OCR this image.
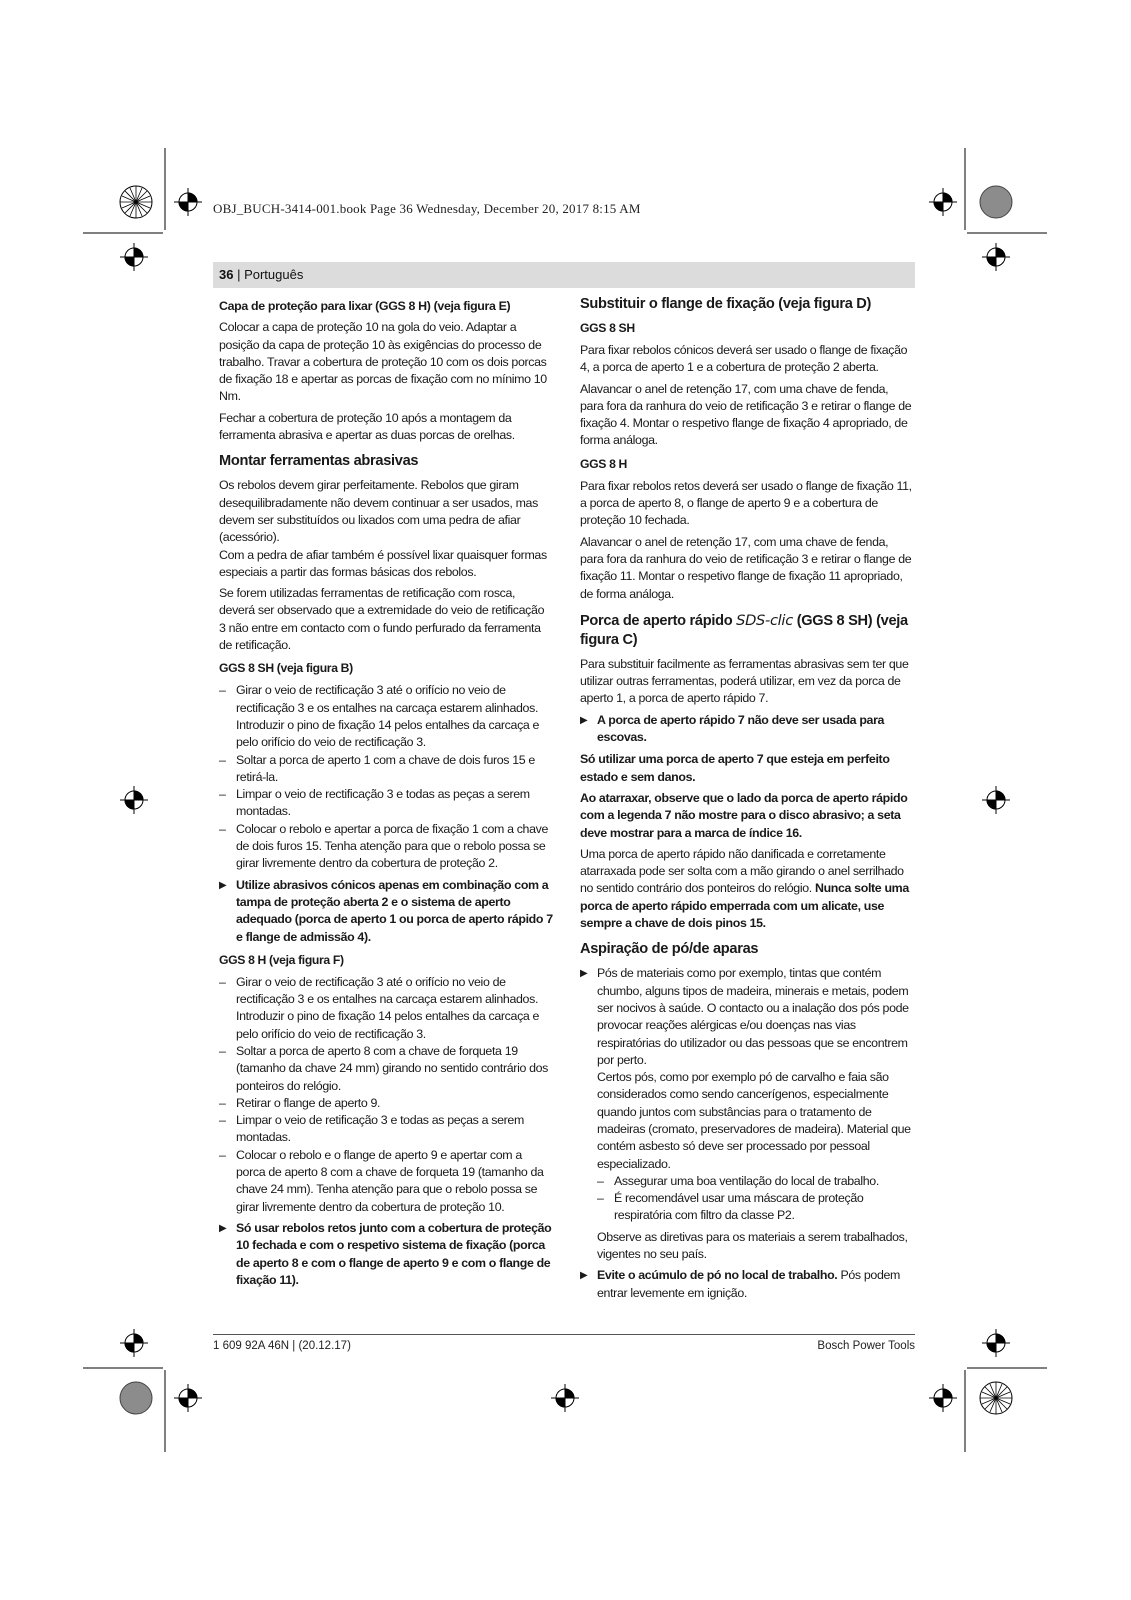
OBJ_BUCH-3414-001.book Page 36 Wednesday, December 20, 2017 8:15 AM
36 | Português
Capa de proteção para lixar (GGS 8 H) (veja figura E)

Colocar a capa de proteção 10 na gola do veio. Adaptar a posição da capa de proteção 10 às exigências do processo de trabalho. Travar a cobertura de proteção 10 com os dois porcas de fixação 18 e apertar as porcas de fixação com no mínimo 10 Nm.

Fechar a cobertura de proteção 10 após a montagem da ferramenta abrasiva e apertar as duas porcas de orelhas.

Montar ferramentas abrasivas

Os rebolos devem girar perfeitamente. Rebolos que giram desequilibradamente não devem continuar a ser usados, mas devem ser substituídos ou lixados com uma pedra de afiar (acessório).

Com a pedra de afiar também é possível lixar quaisquer formas especiais a partir das formas básicas dos rebolos.

Se forem utilizadas ferramentas de retificação com rosca, deverá ser observado que a extremidade do veio de retificação 3 não entre em contacto com o fundo perfurado da ferramenta de retificação.

GGS 8 SH (veja figura B)
– Girar o veio de rectificação 3 até o orifício no veio de rectificação 3 e os entalhes na carcaça estarem alinhados. Introduzir o pino de fixação 14 pelos entalhes da carcaça e pelo orifício do veio de rectificação 3.
– Soltar a porca de aperto 1 com a chave de dois furos 15 e retirá-la.
– Limpar o veio de rectificação 3 e todas as peças a serem montadas.
– Colocar o rebolo e apertar a porca de fixação 1 com a chave de dois furos 15. Tenha atenção para que o rebolo possa se girar livremente dentro da cobertura de proteção 2.
▶ Utilize abrasivos cónicos apenas em combinação com a tampa de proteção aberta 2 e o sistema de aperto adequado (porca de aperto 1 ou porca de aperto rápido 7 e flange de admissão 4).
GGS 8 H (veja figura F)
– Girar o veio de rectificação 3 até o orifício no veio de rectificação 3 e os entalhes na carcaça estarem alinhados. Introduzir o pino de fixação 14 pelos entalhes da carcaça e pelo orifício do veio de rectificação 3.
– Soltar a porca de aperto 8 com a chave de forqueta 19 (tamanho da chave 24 mm) girando no sentido contrário dos ponteiros do relógio.
– Retirar o flange de aperto 9.
– Limpar o veio de retificação 3 e todas as peças a serem montadas.
– Colocar o rebolo e o flange de aperto 9 e apertar com a porca de aperto 8 com a chave de forqueta 19 (tamanho da chave 24 mm). Tenha atenção para que o rebolo possa se girar livremente dentro da cobertura de proteção 10.
▶ Só usar rebolos retos junto com a cobertura de proteção 10 fechada e com o respetivo sistema de fixação (porca de aperto 8 e com o flange de aperto 9 e com o flange de fixação 11).
Substituir o flange de fixação (veja figura D)
GGS 8 SH

Para fixar rebolos cónicos deverá ser usado o flange de fixação 4, a porca de aperto 1 e a cobertura de proteção 2 aberta.

Alavancar o anel de retenção 17, com uma chave de fenda, para fora da ranhura do veio de retificação 3 e retirar o flange de fixação 4. Montar o respetivo flange de fixação 4 apropriado, de forma análoga.

GGS 8 H

Para fixar rebolos retos deverá ser usado o flange de fixação 11, a porca de aperto 8, o flange de aperto 9 e a cobertura de proteção 10 fechada.

Alavancar o anel de retenção 17, com uma chave de fenda, para fora da ranhura do veio de retificação 3 e retirar o flange de fixação 11. Montar o respetivo flange de fixação 11 apropriado, de forma análoga.

Porca de aperto rápido SDS-clic (GGS 8 SH) (veja figura C)

Para substituir facilmente as ferramentas abrasivas sem ter que utilizar outras ferramentas, poderá utilizar, em vez da porca de aperto 1, a porca de aperto rápido 7.

▶ A porca de aperto rápido 7 não deve ser usada para escovas.

Só utilizar uma porca de aperto 7 que esteja em perfeito estado e sem danos.

Ao atarraxar, observe que o lado da porca de aperto rápido com a legenda 7 não mostre para o disco abrasivo; a seta deve mostrar para a marca de índice 16.

Uma porca de aperto rápido não danificada e corretamente atarraxada pode ser solta com a mão girando o anel serrilhado no sentido contrário dos ponteiros do relógio. Nunca solte uma porca de aperto rápido emperrada com um alicate, use sempre a chave de dois pinos 15.

Aspiração de pó/de aparas
▶ Pós de materiais como por exemplo, tintas que contém chumbo, alguns tipos de madeira, minerais e metais, podem ser nocivos à saúde. O contacto ou a inalação dos pós pode provocar reações alérgicas e/ou doenças nas vias respiratórias do utilizador ou das pessoas que se encontrem por perto.

Certos pós, como por exemplo pó de carvalho e faia são considerados como sendo cancerígenos, especialmente quando juntos com substâncias para o tratamento de madeiras (cromato, preservadores de madeira). Material que contém asbesto só deve ser processado por pessoal especializado.

– Assegurar uma boa ventilação do local de trabalho.
– É recomendável usar uma máscara de proteção respiratória com filtro da classe P2.

Observe as diretivas para os materiais a serem trabalhados, vigentes no seu país.

▶ Evite o acúmulo de pó no local de trabalho. Pós podem entrar levemente em ignição.
1 609 92A 46N | (20.12.17)	Bosch Power Tools
